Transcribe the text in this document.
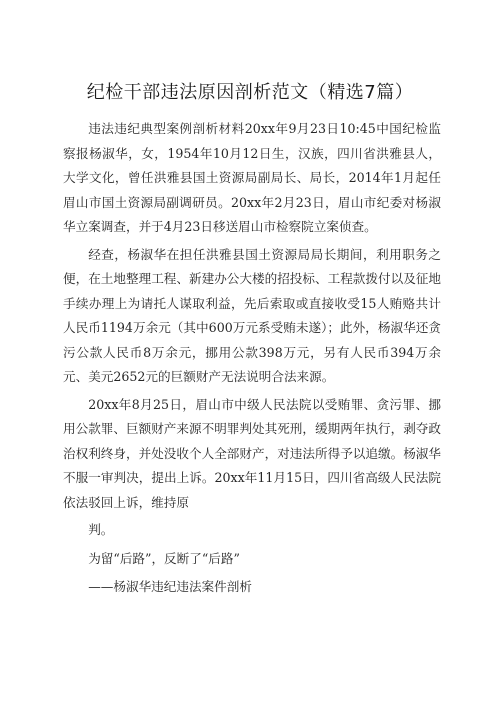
纪检干部违法原因剖析范文（精选7篇）

违法违纪典型案例剖析材料20xx年9月23日10:45中国纪检监察报杨淑华，女，1954年10月12日生，汉族，四川省洪雅县人，大学文化，曾任洪雅县国土资源局副局长、局长，2014年1月起任眉山市国土资源局副调研员。20xx年2月23日，眉山市纪委对杨淑华立案调查，并于4月23日移送眉山市检察院立案侦查。

经查，杨淑华在担任洪雅县国土资源局局长期间，利用职务之便，在土地整理工程、新建办公大楼的招投标、工程款拨付以及征地手续办理上为请托人谋取利益，先后索取或直接收受15人贿赂共计人民币1194万余元（其中600万元系受贿未遂）；此外，杨淑华还贪污公款人民币8万余元，挪用公款398万元，另有人民币394万余元、美元2652元的巨额财产无法说明合法来源。

20xx年8月25日，眉山市中级人民法院以受贿罪、贪污罪、挪用公款罪、巨额财产来源不明罪判处其死刑，缓期两年执行，剥夺政治权利终身，并处没收个人全部财产，对违法所得予以追缴。杨淑华不服一审判决，提出上诉。20xx年11月15日，四川省高级人民法院依法驳回上诉，维持原

判。

为留“后路”，反断了“后路”

——杨淑华违纪违法案件剖析
